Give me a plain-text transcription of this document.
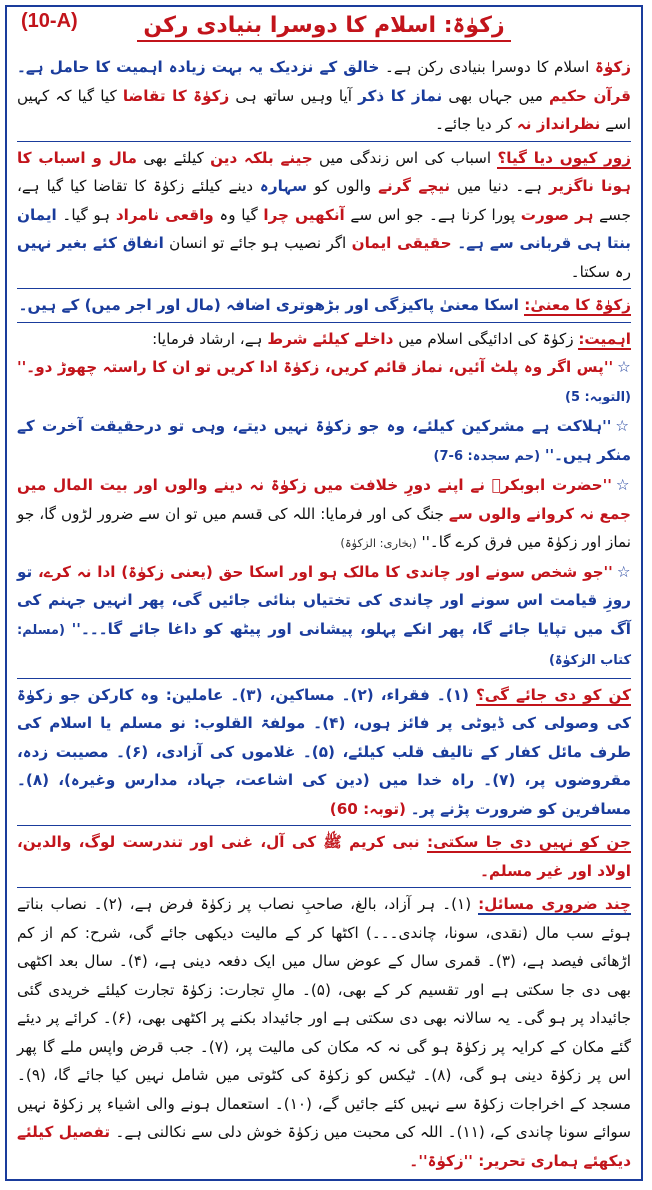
(10-A)	زکوٰۃ: اسلام کا دوسرا بنیادی رکن

زکوٰۃ اسلام کا دوسرا بنیادی رکن ہے۔ خالق کے نزدیک یہ بہت زیادہ اہمیت کا حامل ہے۔قرآن حکیم میں جہاں بھی نماز کا ذکر آیا وہیں ساتھ ہی زکوٰۃ کا تقاضا کیا گیا کہ کہیں اسے نظرانداز نہ کر دیا جائے۔

زور کیوں دیا گیا؟ اسباب کی اس زندگی میں جینے بلکہ دین کیلئے بھی مال و اسباب کا ہونا ناگزیر ہے۔ دنیا میں نیچے گرنے والوں کو سہارہ دینے کیلئے زکوٰۃ کا تقاضا کیا گیا ہے، جسے ہر صورت پورا کرنا ہے۔ جو اس سے آنکھیں چرا گیا وہ واقعی نامراد ہو گیا۔ ایمان بنتا ہی قربانی سے ہے۔ حقیقی ایمان اگر نصیب ہو جائے تو انسان انفاق کئے بغیر نہیں رہ سکتا۔

زکوٰۃ کا معنیٰ: اسکا معنیٰ پاکیزگی اور بڑھوتری اضافہ (مال اور اجر میں) کے ہیں۔

اہمیت: زکوٰۃ کی ادائیگی اسلام میں داخلے کیلئے شرط ہے، ارشاد فرمایا:

☆''پس اگر وہ پلٹ آئیں، نماز قائم کریں، زکوٰۃ ادا کریں تو ان کا راستہ چھوڑ دو۔'' (التوبہ: 5)

☆''ہلاکت ہے مشرکین کیلئے، وہ جو زکوٰۃ نہیں دیتے، وہی تو درحقیقت آخرت کے منکر ہیں۔'' (حم سجدہ: 6-7)

☆''حضرت ابوبکرؓ نے اپنے دورِ خلافت میں زکوٰۃ نہ دینے والوں اور بیت المال میں جمع نہ کروانے والوں سے جنگ کی اور فرمایا: اللہ کی قسم میں تو ان سے ضرور لڑوں گا، جو نماز اور زکوٰۃ میں فرق کرے گا۔'' (بخاری: الزکوٰۃ)

☆''جو شخص سونے اور چاندی کا مالک ہو اور اسکا حق (یعنی زکوٰۃ) ادا نہ کرے، تو روزِ قیامت اس سونے اور چاندی کی تختیاں بنائی جائیں گی، پھر انہیں جہنم کی آگ میں تپایا جائے گا، پھر انکے پہلو، پیشانی اور پیٹھ کو داغا جائے گا۔۔۔'' (مسلم: کتاب الزکوٰۃ)

کن کو دی جائے گی؟ (۱)۔ فقراء، (۲)۔ مساکین، (۳)۔ عاملین: وہ کارکن جو زکوٰۃ کی وصولی کی ڈیوٹی پر فائز ہوں، (۴)۔ مولفۃ القلوب: نو مسلم یا اسلام کی طرف مائل کفار کے تالیف قلب کیلئے، (۵)۔ غلاموں کی آزادی، (۶)۔ مصیبت زدہ، مقروضوں پر، (۷)۔ راہ خدا میں (دین کی اشاعت، جہاد، مدارس وغیرہ)، (۸)۔ مسافرین کو ضرورت پڑنے پر۔ (توبہ: 60)

جن کو نہیں دی جا سکتی: نبی کریم ﷺ کی آل، غنی اور تندرست لوگ، والدین، اولاد اور غیر مسلم۔

چند ضروری مسائل: (۱)۔ ہر آزاد، بالغ، صاحبِ نصاب پر زکوٰۃ فرض ہے، (۲)۔ نصاب بناتے ہوئے سب مال (نقدی، سونا، چاندی۔۔۔) اکٹھا کر کے مالیت دیکھی جائے گی، شرح: کم از کم اڑھائی فیصد ہے، (۳)۔ قمری سال کے عوض سال میں ایک دفعہ دینی ہے، (۴)۔ سال بعد اکٹھی بھی دی جا سکتی ہے اور تقسیم کر کے بھی، (۵)۔ مالِ تجارت: زکوٰۃ تجارت کیلئے خریدی گئی جائیداد پر ہو گی۔ یہ سالانہ بھی دی سکتی ہے اور جائیداد بکنے پر اکٹھی بھی، (۶)۔ کرائے پر دیئے گئے مکان کے کرایہ پر زکوٰۃ ہو گی نہ کہ مکان کی مالیت پر، (۷)۔ جب قرض واپس ملے گا پھر اس پر زکوٰۃ دینی ہو گی، (۸)۔ ٹیکس کو زکوٰۃ کی کٹوتی میں شامل نہیں کیا جائے گا، (۹)۔ مسجد کے اخراجات زکوٰۃ سے نہیں کئے جائیں گے، (۱۰)۔ استعمال ہونے والی اشیاء پر زکوٰۃ نہیں سوائے سونا چاندی کے، (۱۱)۔ اللہ کی محبت میں زکوٰۃ خوش دلی سے نکالنی ہے۔ تفصیل کیلئے دیکھئے ہماری تحریر: ''زکوٰۃ''۔
